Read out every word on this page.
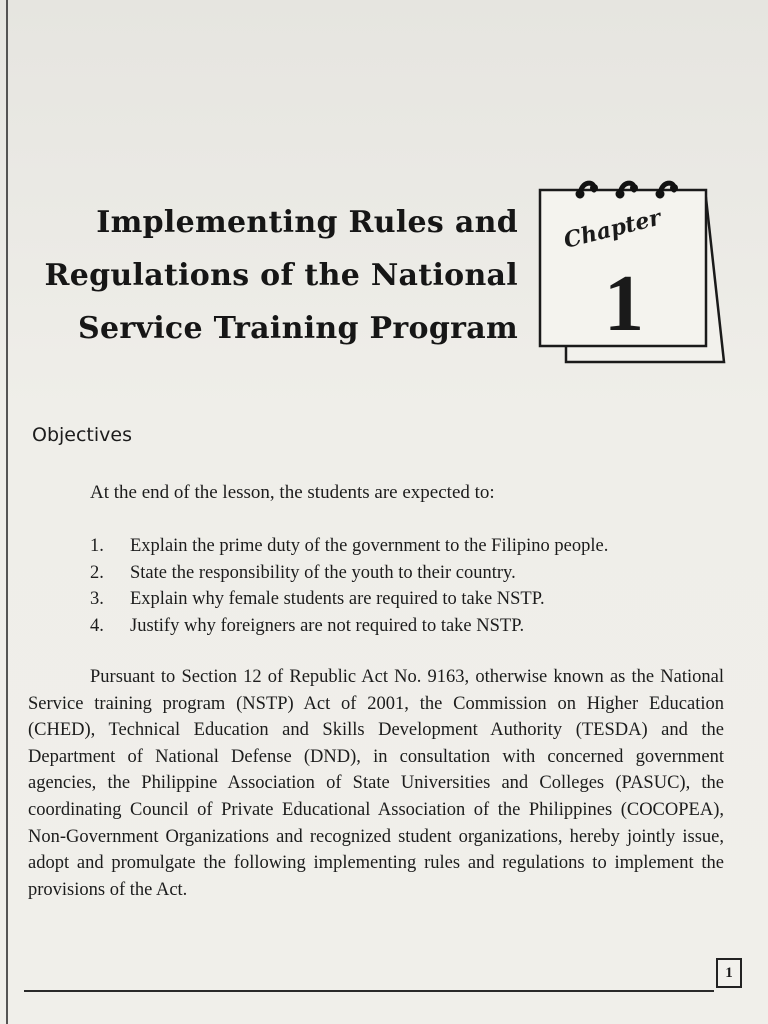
Implementing Rules and
Regulations of the National
Service Training Program
Chapter
1
Objectives
At the end of the lesson, the students are expected to:
1. Explain the prime duty of the government to the Filipino people.
2. State the responsibility of the youth to their country.
3. Explain why female students are required to take NSTP.
4. Justify why foreigners are not required to take NSTP.

Pursuant to Section 12 of Republic Act No. 9163, otherwise known as the National Service training program (NSTP) Act of 2001, the Commission on Higher Education (CHED), Technical Education and Skills Development Authority (TESDA) and the Department of National Defense (DND), in consultation with concerned government agencies, the Philippine Association of State Universities and Colleges (PASUC), the coordinating Council of Private Educational Association of the Philippines (COCOPEA), Non-Government Organizations and recognized student organizations, hereby jointly issue, adopt and promulgate the following implementing rules and regulations to implement the provisions of the Act.

1
